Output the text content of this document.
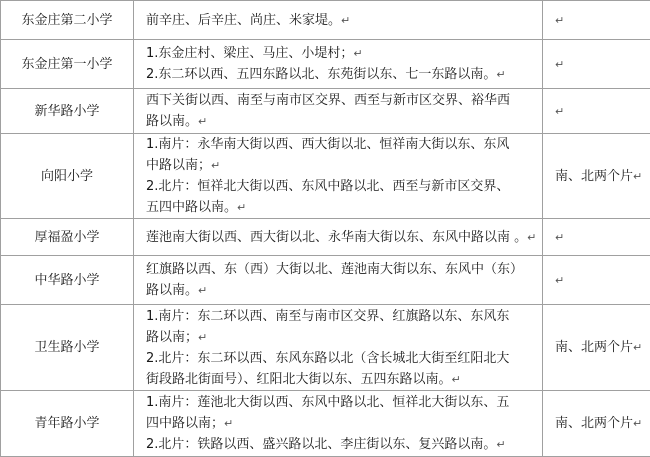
东金庄第二小学	前辛庄、后辛庄、尚庄、米家堤。↵	↵
东金庄第一小学	1.东金庄村、梁庄、马庄、小堤村；↵
2.东二环以西、五四东路以北、东苑街以东、七一东路以南。↵	↵
新华路小学	西下关街以西、南至与南市区交界、西至与新市区交界、裕华西
路以南。↵	↵
向阳小学	1.南片：永华南大街以西、西大街以北、恒祥南大街以东、东风
中路以南；↵
2.北片：恒祥北大街以西、东风中路以北、西至与新市区交界、
五四中路以南。↵	南、北两个片↵
厚福盈小学	莲池南大街以西、西大街以北、永华南大街以东、东风中路以南 。↵	↵
中华路小学	红旗路以西、东（西）大街以北、莲池南大街以东、东风中（东）
路以南。↵	↵
卫生路小学	1.南片：东二环以西、南至与南市区交界、红旗路以东、东风东
路以南；↵
2.北片：东二环以西、东风东路以北（含长城北大街至红阳北大
街段路北街面号）、红阳北大街以东、五四东路以南。↵	南、北两个片↵
青年路小学	1.南片：莲池北大街以西、东风中路以北、恒祥北大街以东、五
四中路以南；↵
2.北片：铁路以西、盛兴路以北、李庄街以东、复兴路以南。↵	南、北两个片↵
